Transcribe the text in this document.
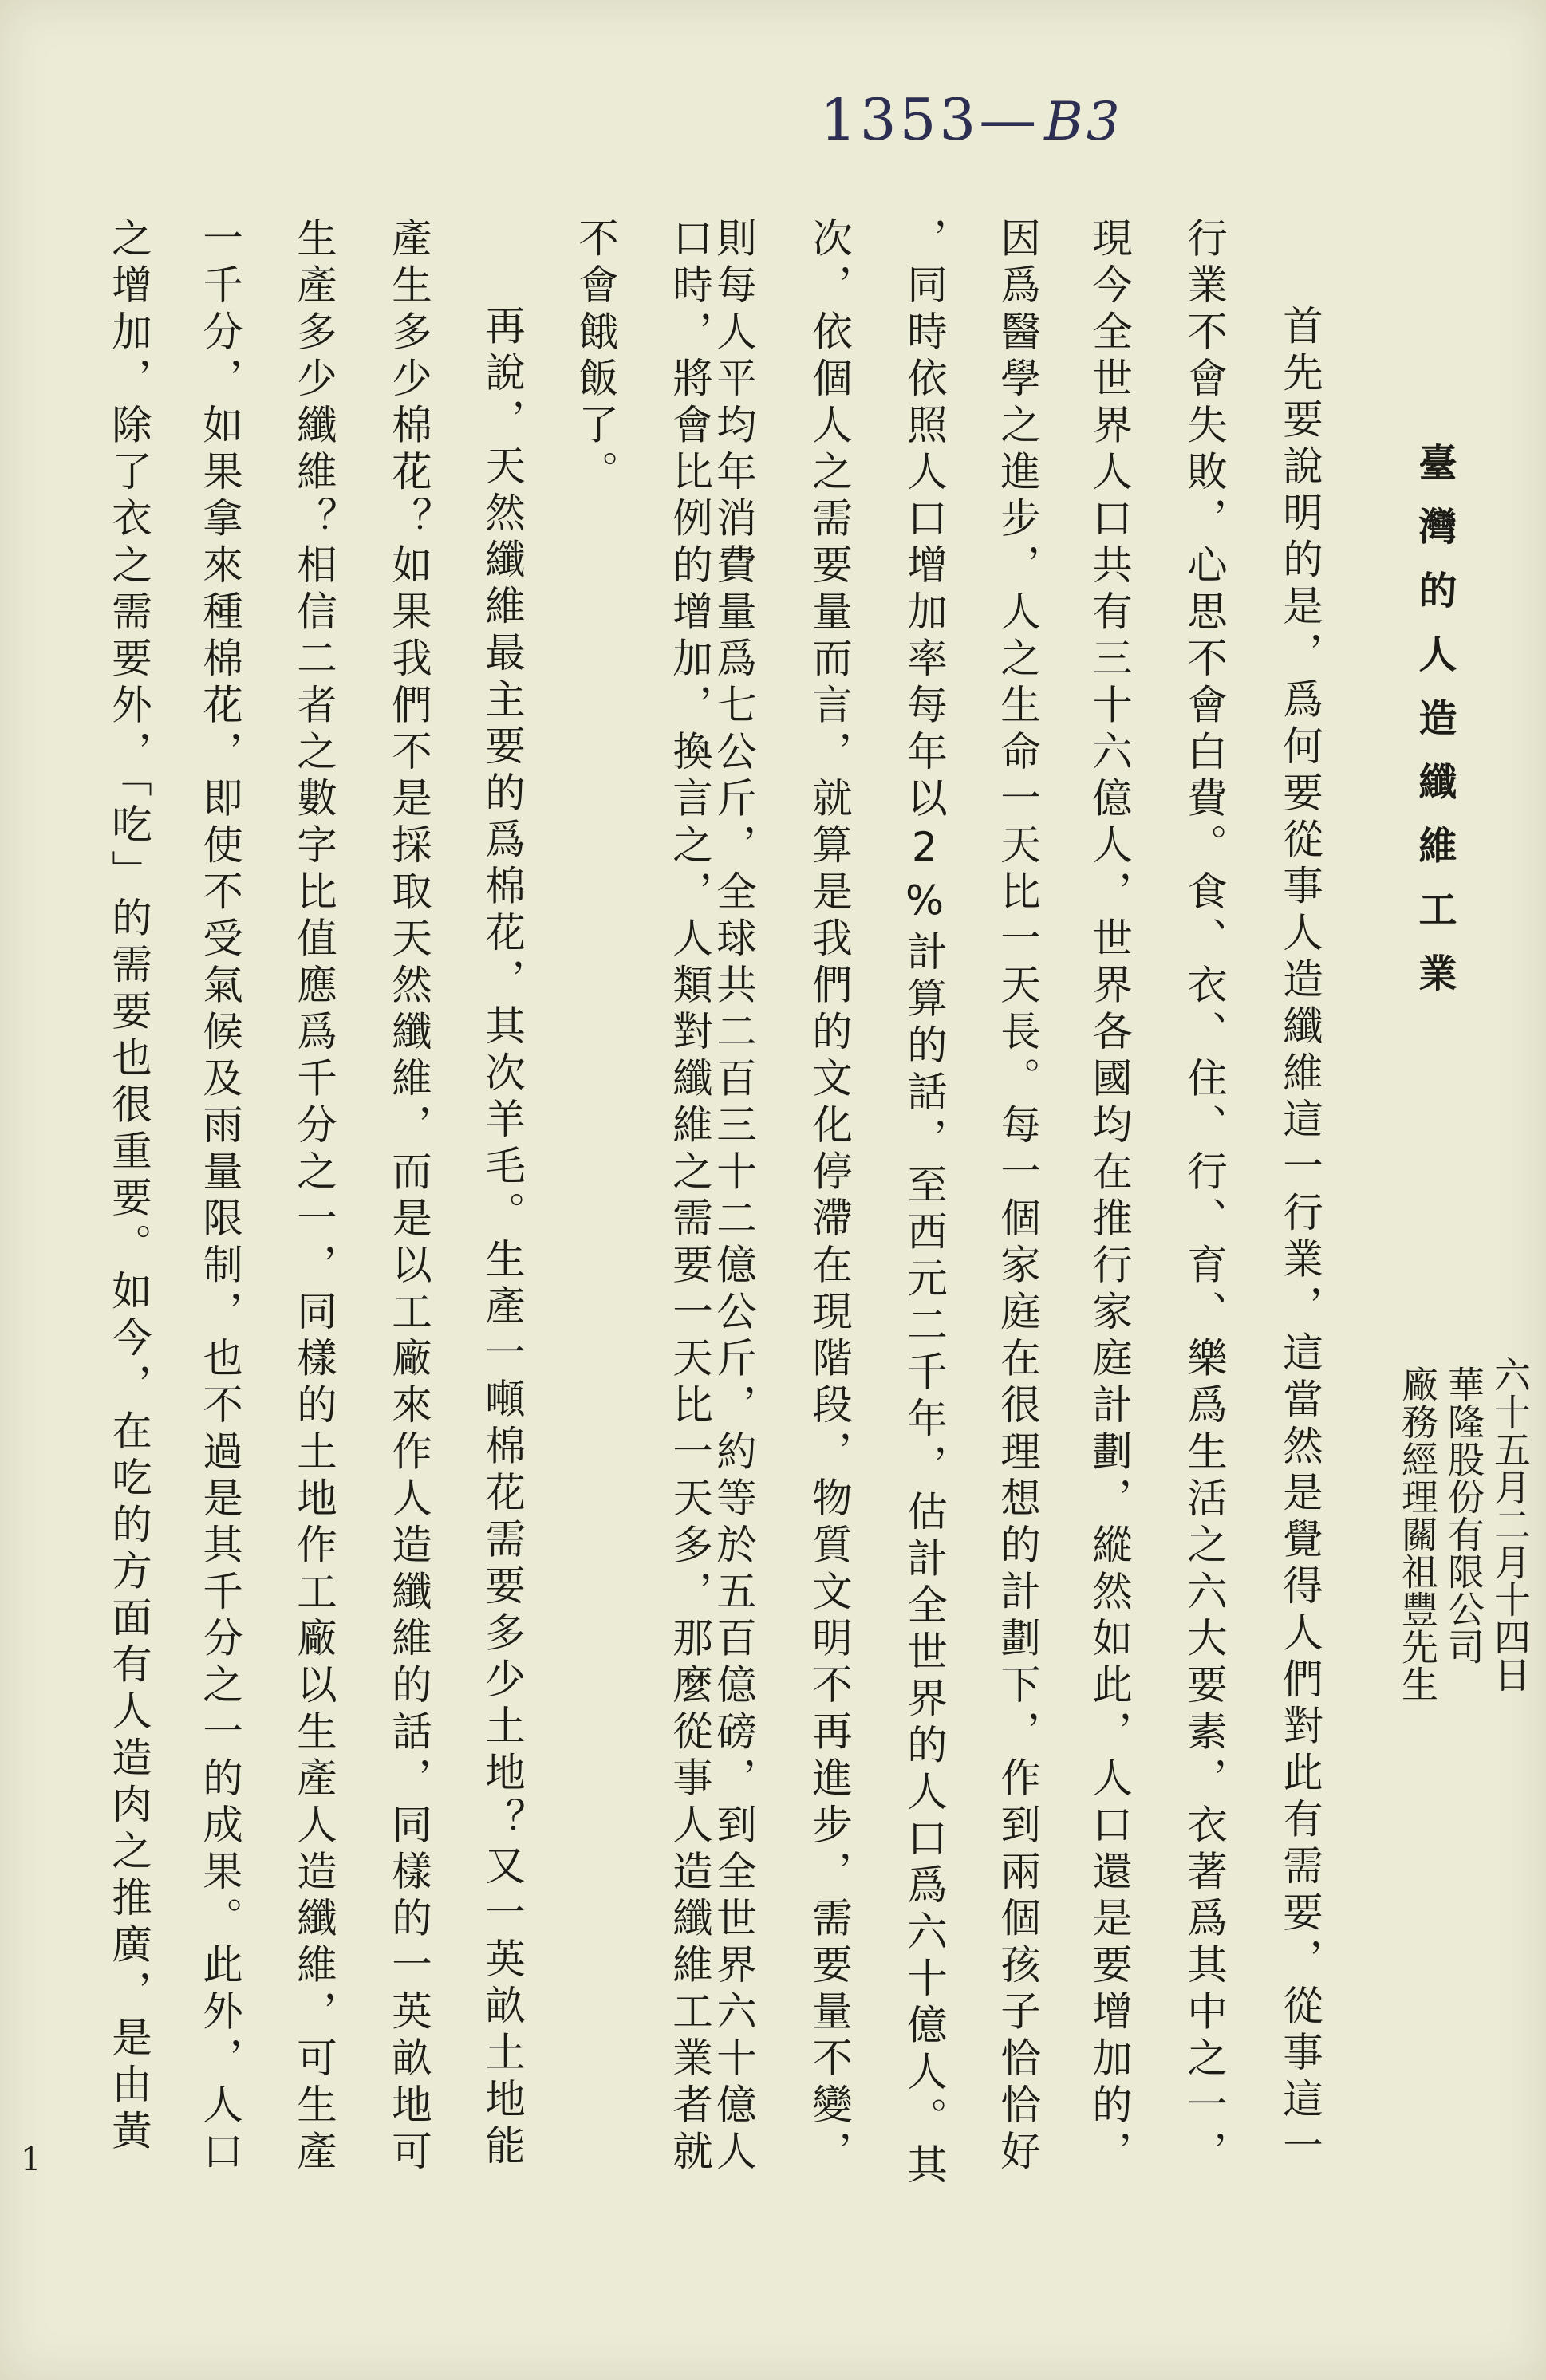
1353—B3
臺灣的人造纖維工業
六十五月二月十四日
華隆股份有限公司
廠務經理關祖豐先生
首先要說明的是，爲何要從事人造纖維這一行業，這當然是覺得人們對此有需要，從事這一
行業不會失敗，心思不會白費。食、衣、住、行、育、樂爲生活之六大要素，衣著爲其中之一，
現今全世界人口共有三十六億人，世界各國均在推行家庭計劃，縱然如此，人口還是要增加的，
因爲醫學之進步，人之生命一天比一天長。每一個家庭在很理想的計劃下，作到兩個孩子恰恰好
，同時依照人口增加率每年以2%計算的話，至西元二千年，估計全世界的人口爲六十億人。其
次，依個人之需要量而言，就算是我們的文化停滯在現階段，物質文明不再進步，需要量不變，
則每人平均年消費量爲七公斤，全球共二百三十二億公斤，約等於五百億磅，到全世界六十億人
口時，將會比例的增加，換言之，人類對纖維之需要一天比一天多，那麼從事人造纖維工業者就
不會餓飯了。
再說，天然纖維最主要的爲棉花，其次羊毛。生產一噸棉花需要多少土地？又一英畝土地能
產生多少棉花？如果我們不是採取天然纖維，而是以工廠來作人造纖維的話，同樣的一英畝地可
生產多少纖維？相信二者之數字比值應爲千分之一，同樣的土地作工廠以生產人造纖維，可生產
一千分，如果拿來種棉花，即使不受氣候及雨量限制，也不過是其千分之一的成果。此外，人口
之增加，除了衣之需要外，「吃」的需要也很重要。如今，在吃的方面有人造肉之推廣，是由黃
1
